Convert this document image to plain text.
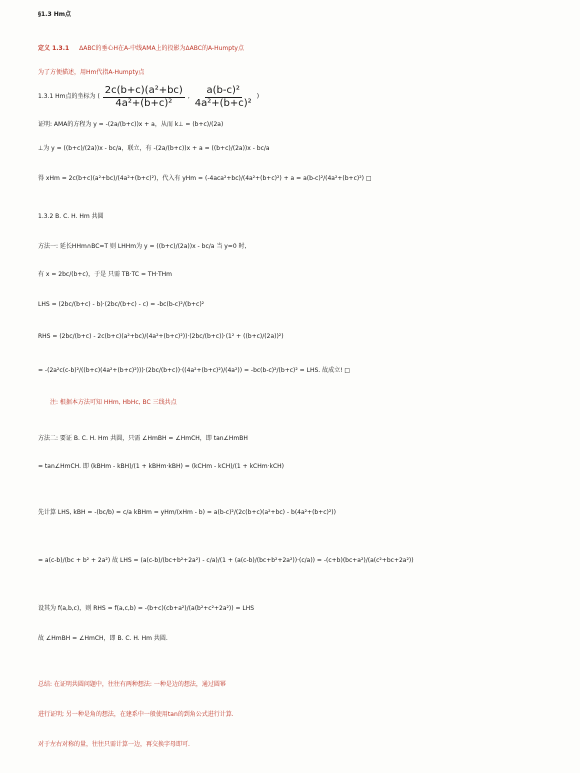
§1.3 Hm点
定义 1.3.1 ΔABC的垂心H在A-中线AMA上的投影为ΔABC的A-Humpty点
为了方便描述，用Hm代指A-Humpty点
1.3.1 Hm点的坐标为 ( $\frac{\text{2c(b+c)(a²+bc)}}{\text{4a²+(b+c)²}}$ , $\frac{\text{a(b-c)²}}{\text{4a²+(b+c)²}}$ )
证明: AMA的方程为 y = -(2a/(b+c))x + a，从而 k⊥ = (b+c)/(2a)
⊥为 y = ((b+c)/(2a))x - bc/a，联立，有 -(2a/(b+c))x + a = ((b+c)/(2a))x - bc/a
得 xHm = 2c(b+c)(a²+bc)/(4a²+(b+c)²)，代入有 yHm = (-4aca²+bc)/(4a²+(b+c)²) + a = a(b-c)²/(4a²+(b+c)²) □
1.3.2 B. C. H. Hm 共圆
方法一: 延长HHm∩BC=T 则 LHHm为 y = ((b+c)/(2a))x - bc/a 当 y=0 时,
有 x = 2bc/(b+c)，于是 只需 TB·TC = TH·THm
LHS = (2bc/(b+c) - b)·(2bc/(b+c) - c) = -bc(b-c)²/(b+c)²
RHS = (2bc/(b+c) - 2c(b+c)(a²+bc)/(4a²+(b+c)²))·(2bc/(b+c))·(1² + ((b+c)/(2a))²)
= -(2a²c(c-b)²/((b+c)(4a²+(b+c)²)))·(2bc/(b+c))·((4a²+(b+c)²)/(4a²)) = -bc(b-c)²/(b+c)² = LHS. 故成立! □
注: 根据本方法可知 HHm, HbHc, BC 三线共点
方法二: 要证 B. C. H. Hm 共圆，只需 ∠HmBH = ∠HmCH，即 tan∠HmBH
= tan∠HmCH. 即 (kBHm - kBH)/(1 + kBHm·kBH) = (kCHm - kCH)/(1 + kCHm·kCH)
先计算 LHS, kBH = -(bc/b) = c/a kBHm = yHm/(xHm - b) = a(b-c)²/(2c(b+c)(a²+bc) - b(4a²+(b+c)²))
= a(c-b)/(bc + b² + 2a²) 故 LHS = (a(c-b)/(bc+b²+2a²) - c/a)/(1 + (a(c-b)/(bc+b²+2a²))·(c/a)) = -(c+b)(bc+a²)/(a(c²+bc+2a²))
设其为 f(a,b,c)，则 RHS = f(a,c,b) = -(b+c)(cb+a²)/(a(b²+c²+2a²)) = LHS
故 ∠HmBH = ∠HmCH，即 B. C. H. Hm 共圆.
总结: 在证明共圆问题中，往往有两种想法: 一种是边的想法，通过圆幂
进行证明; 另一种是角的想法，在建系中一般使用tan的到角公式进行计算.
对于左右对称的量，往往只需计算一边，再交换字母即可.
